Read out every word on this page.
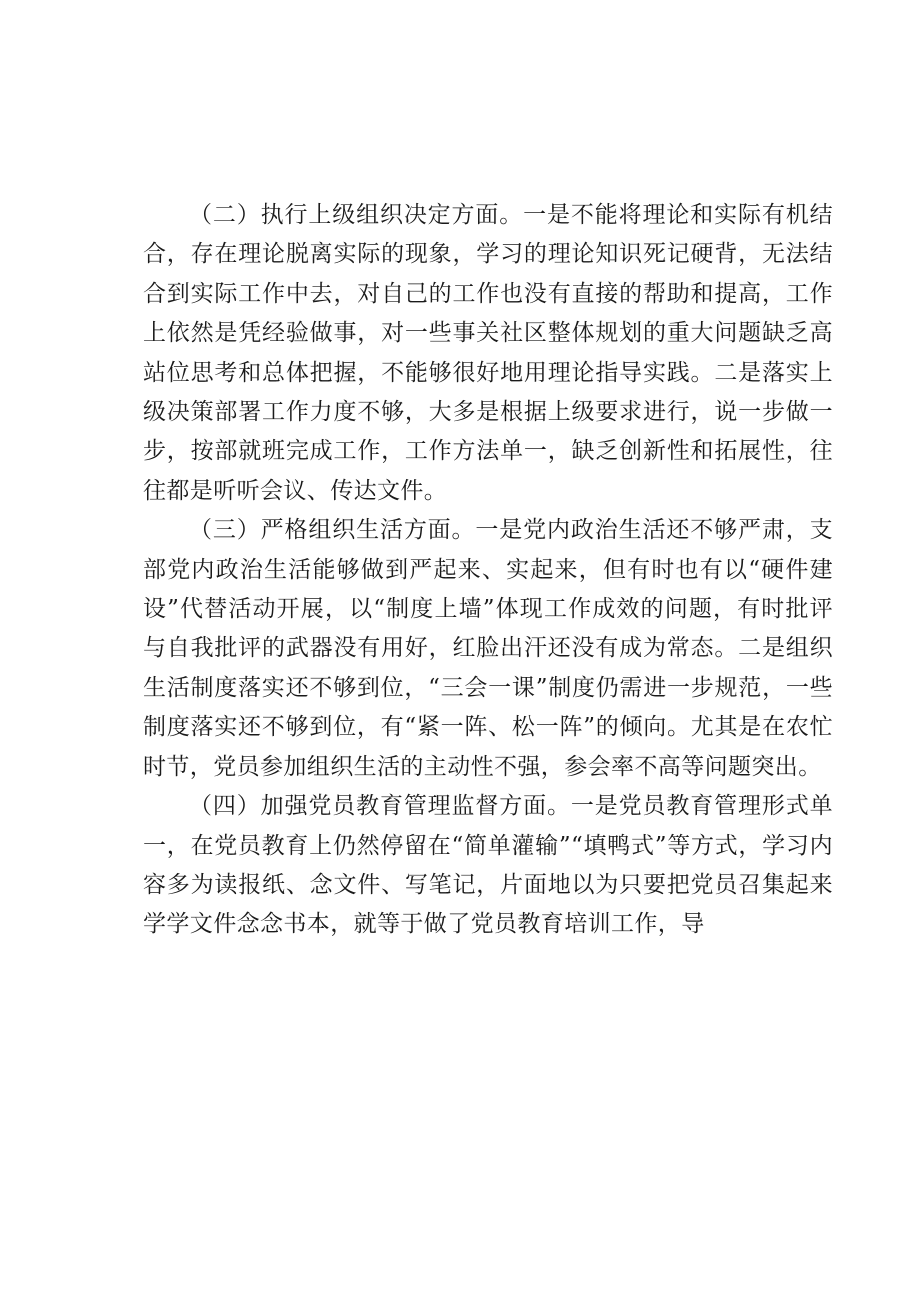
（二）执行上级组织决定方面。一是不能将理论和实际有机结合，存在理论脱离实际的现象，学习的理论知识死记硬背，无法结合到实际工作中去，对自己的工作也没有直接的帮助和提高，工作上依然是凭经验做事，对一些事关社区整体规划的重大问题缺乏高站位思考和总体把握，不能够很好地用理论指导实践。二是落实上级决策部署工作力度不够，大多是根据上级要求进行，说一步做一步，按部就班完成工作，工作方法单一，缺乏创新性和拓展性，往往都是听听会议、传达文件。

（三）严格组织生活方面。一是党内政治生活还不够严肃，支部党内政治生活能够做到严起来、实起来，但有时也有以“硬件建设”代替活动开展，以“制度上墙”体现工作成效的问题，有时批评与自我批评的武器没有用好，红脸出汗还没有成为常态。二是组织生活制度落实还不够到位，“三会一课”制度仍需进一步规范，一些制度落实还不够到位，有“紧一阵、松一阵”的倾向。尤其是在农忙时节，党员参加组织生活的主动性不强，参会率不高等问题突出。

（四）加强党员教育管理监督方面。一是党员教育管理形式单一，在党员教育上仍然停留在“简单灌输”“填鸭式”等方式，学习内容多为读报纸、念文件、写笔记，片面地以为只要把党员召集起来学学文件念念书本，就等于做了党员教育培训工作，导
